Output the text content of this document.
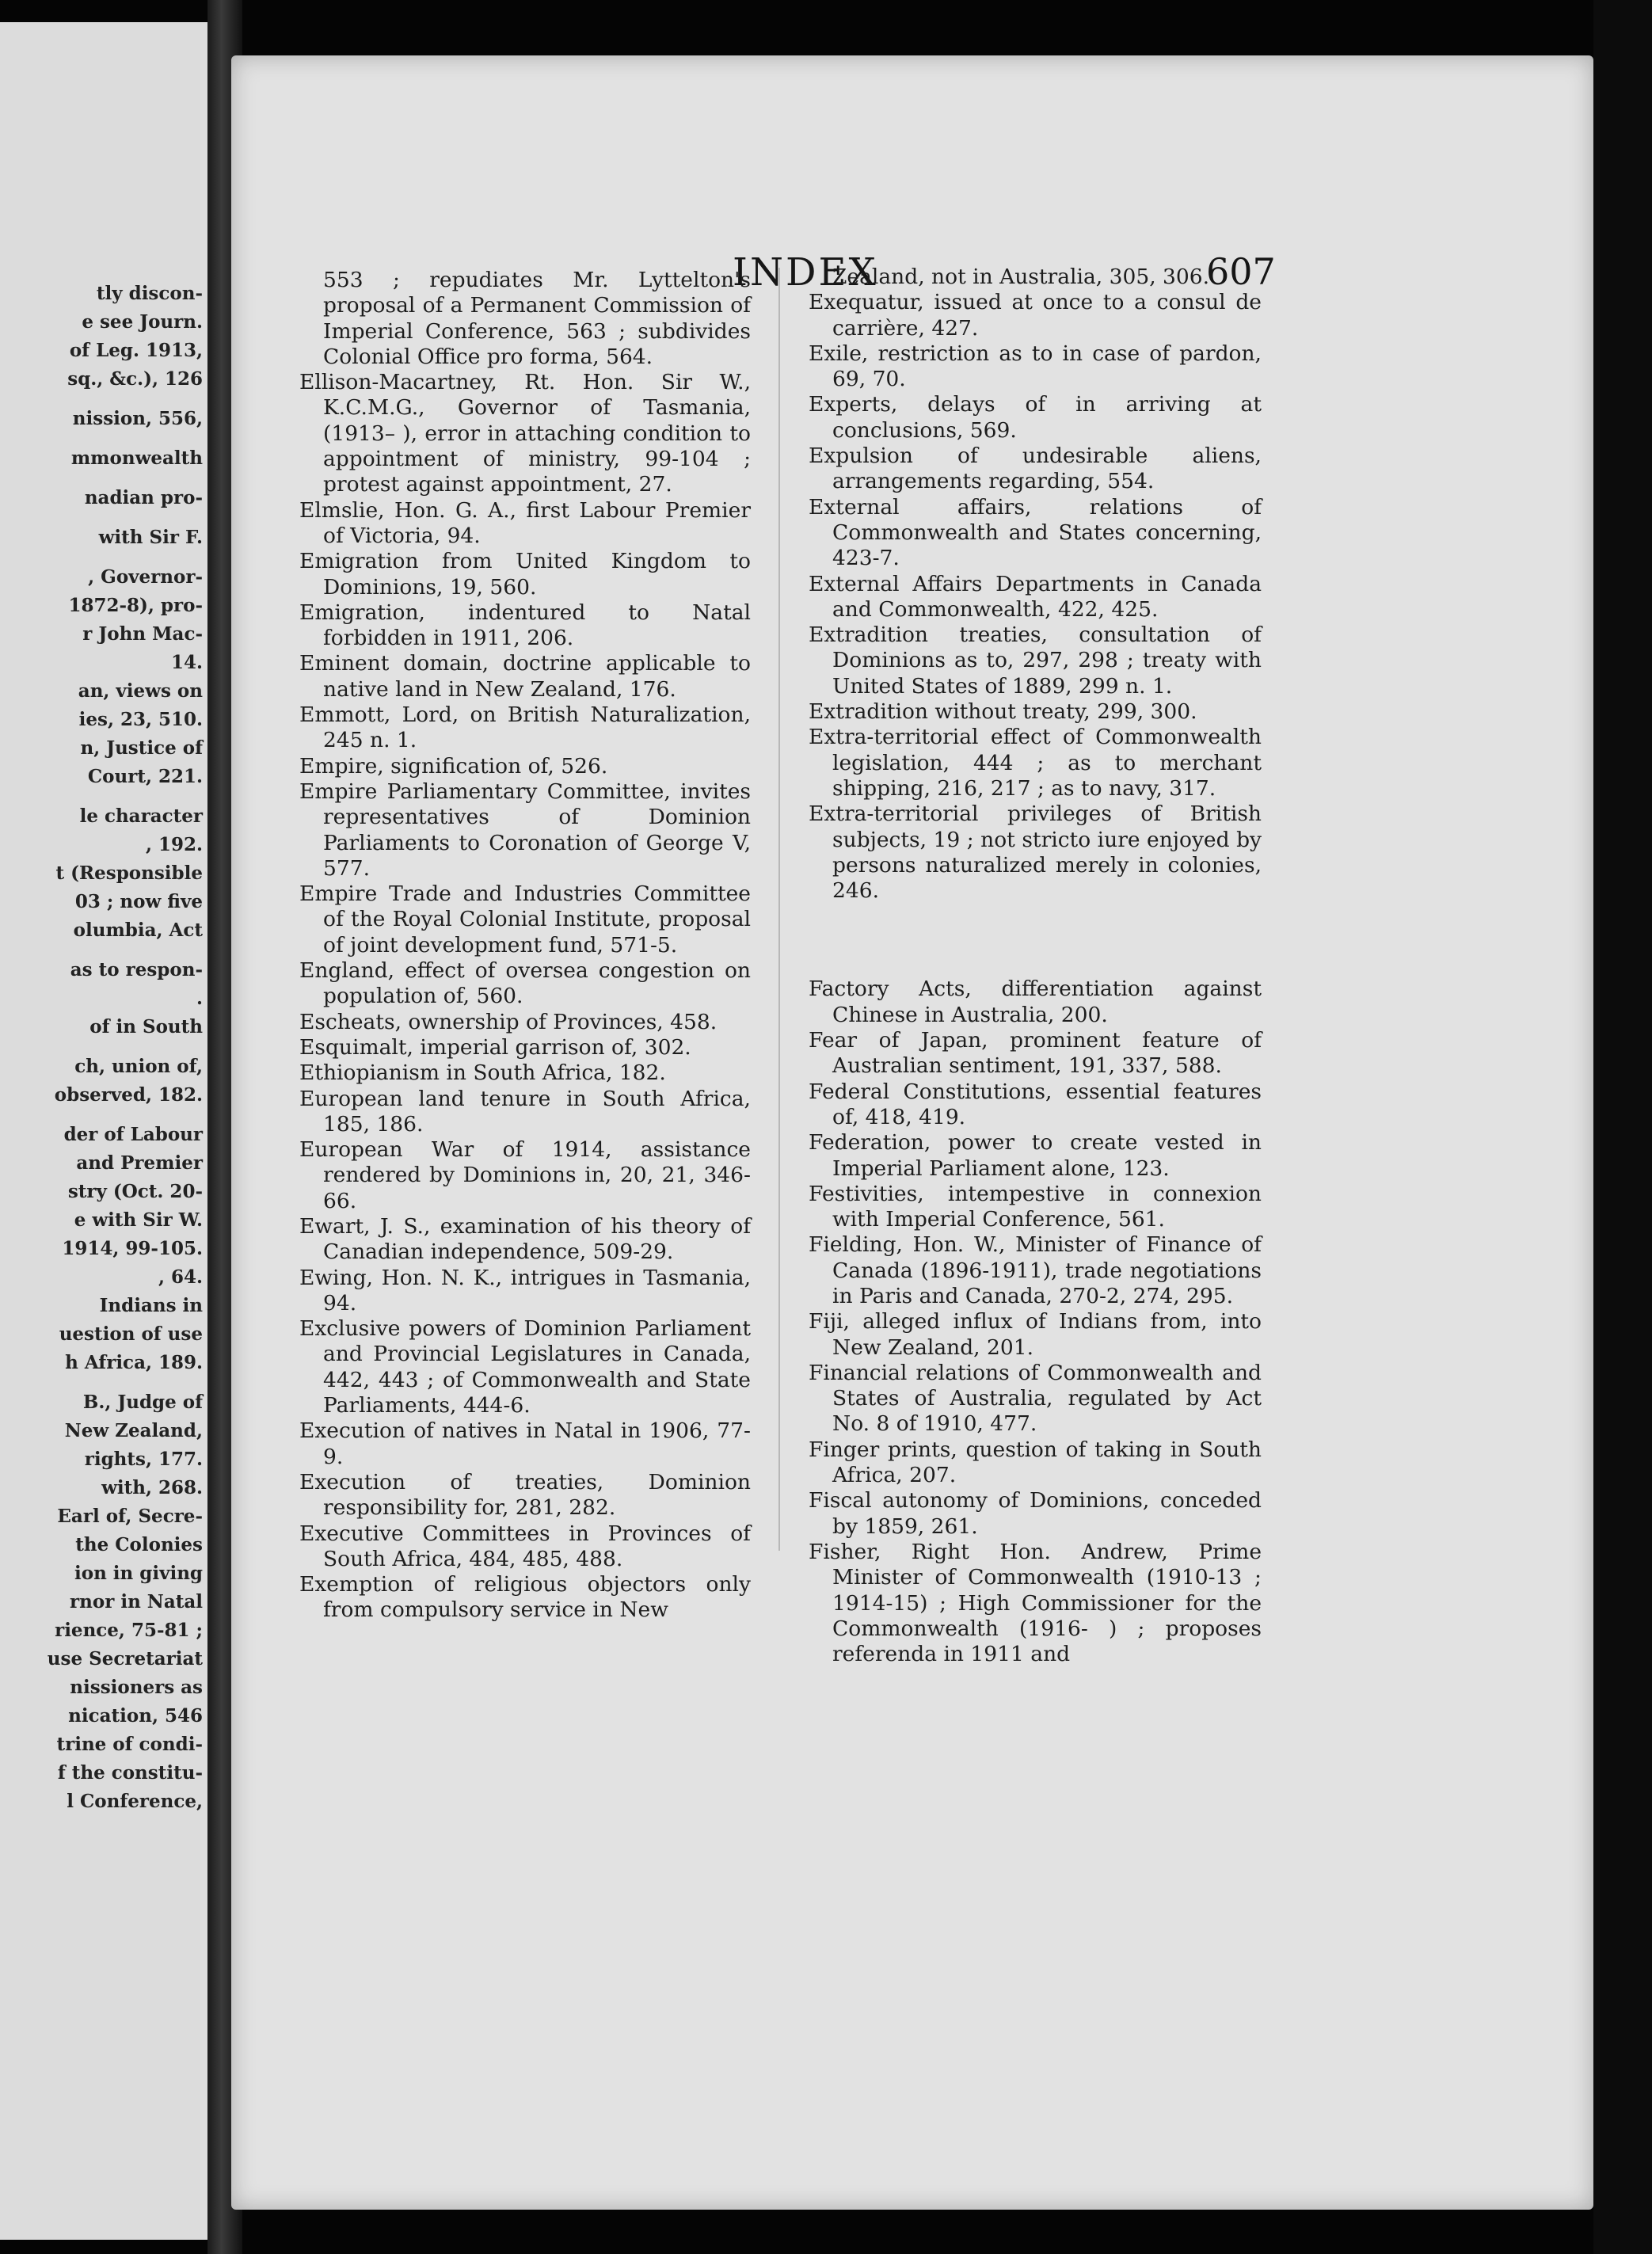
tly discon-
e see Journ.
of Leg. 1913,
sq., &c.), 126
nission, 556,
mmonwealth
nadian pro-
with Sir F.
, Governor-
1872-8), pro-
r John Mac-
14.
an, views on
ies, 23, 510.
n, Justice of
Court, 221.
le character
, 192.
t (Responsible
03 ; now five
olumbia, Act
as to respon-
.
of in South
ch, union of,
observed, 182.
der of Labour
and Premier
stry (Oct. 20-
e with Sir W.
1914, 99-105.
, 64.
Indians in
uestion of use
h Africa, 189.
B., Judge of
New Zealand,
rights, 177.
with, 268.
Earl of, Secre-
the Colonies
ion in giving
rnor in Natal
rience, 75-81 ;
use Secretariat
nissioners as
nication, 546
trine of condi-
f the constitu-
l Conference,
INDEX	607

553 ; repudiates Mr. Lyttelton's proposal of a Permanent Commission of Imperial Conference, 563 ; subdivides Colonial Office pro forma, 564.

Ellison-Macartney, Rt. Hon. Sir W., K.C.M.G., Governor of Tasmania, (1913– ), error in attaching condition to appointment of ministry, 99-104 ; protest against appointment, 27.

Elmslie, Hon. G. A., first Labour Premier of Victoria, 94.

Emigration from United Kingdom to Dominions, 19, 560.

Emigration, indentured to Natal forbidden in 1911, 206.

Eminent domain, doctrine applicable to native land in New Zealand, 176.

Emmott, Lord, on British Naturalization, 245 n. 1.

Empire, signification of, 526.

Empire Parliamentary Committee, invites representatives of Dominion Parliaments to Coronation of George V, 577.

Empire Trade and Industries Committee of the Royal Colonial Institute, proposal of joint development fund, 571-5.

England, effect of oversea congestion on population of, 560.

Escheats, ownership of Provinces, 458.

Esquimalt, imperial garrison of, 302.

Ethiopianism in South Africa, 182.

European land tenure in South Africa, 185, 186.

European War of 1914, assistance rendered by Dominions in, 20, 21, 346-66.

Ewart, J. S., examination of his theory of Canadian independence, 509-29.

Ewing, Hon. N. K., intrigues in Tasmania, 94.

Exclusive powers of Dominion Parliament and Provincial Legislatures in Canada, 442, 443 ; of Commonwealth and State Parliaments, 444-6.

Execution of natives in Natal in 1906, 77-9.

Execution of treaties, Dominion responsibility for, 281, 282.

Executive Committees in Provinces of South Africa, 484, 485, 488.

Exemption of religious objectors only from compulsory service in New

Zealand, not in Australia, 305, 306.

Exequatur, issued at once to a consul de carrière, 427.

Exile, restriction as to in case of pardon, 69, 70.

Experts, delays of in arriving at conclusions, 569.

Expulsion of undesirable aliens, arrangements regarding, 554.

External affairs, relations of Commonwealth and States concerning, 423-7.

External Affairs Departments in Canada and Commonwealth, 422, 425.

Extradition treaties, consultation of Dominions as to, 297, 298 ; treaty with United States of 1889, 299 n. 1.

Extradition without treaty, 299, 300.

Extra-territorial effect of Commonwealth legislation, 444 ; as to merchant shipping, 216, 217 ; as to navy, 317.

Extra-territorial privileges of British subjects, 19 ; not stricto iure enjoyed by persons naturalized merely in colonies, 246.

Factory Acts, differentiation against Chinese in Australia, 200.

Fear of Japan, prominent feature of Australian sentiment, 191, 337, 588.

Federal Constitutions, essential features of, 418, 419.

Federation, power to create vested in Imperial Parliament alone, 123.

Festivities, intempestive in connexion with Imperial Conference, 561.

Fielding, Hon. W., Minister of Finance of Canada (1896-1911), trade negotiations in Paris and Canada, 270-2, 274, 295.

Fiji, alleged influx of Indians from, into New Zealand, 201.

Financial relations of Commonwealth and States of Australia, regulated by Act No. 8 of 1910, 477.

Finger prints, question of taking in South Africa, 207.

Fiscal autonomy of Dominions, conceded by 1859, 261.

Fisher, Right Hon. Andrew, Prime Minister of Commonwealth (1910-13 ; 1914-15) ; High Commissioner for the Commonwealth (1916- ) ; proposes referenda in 1911 and
